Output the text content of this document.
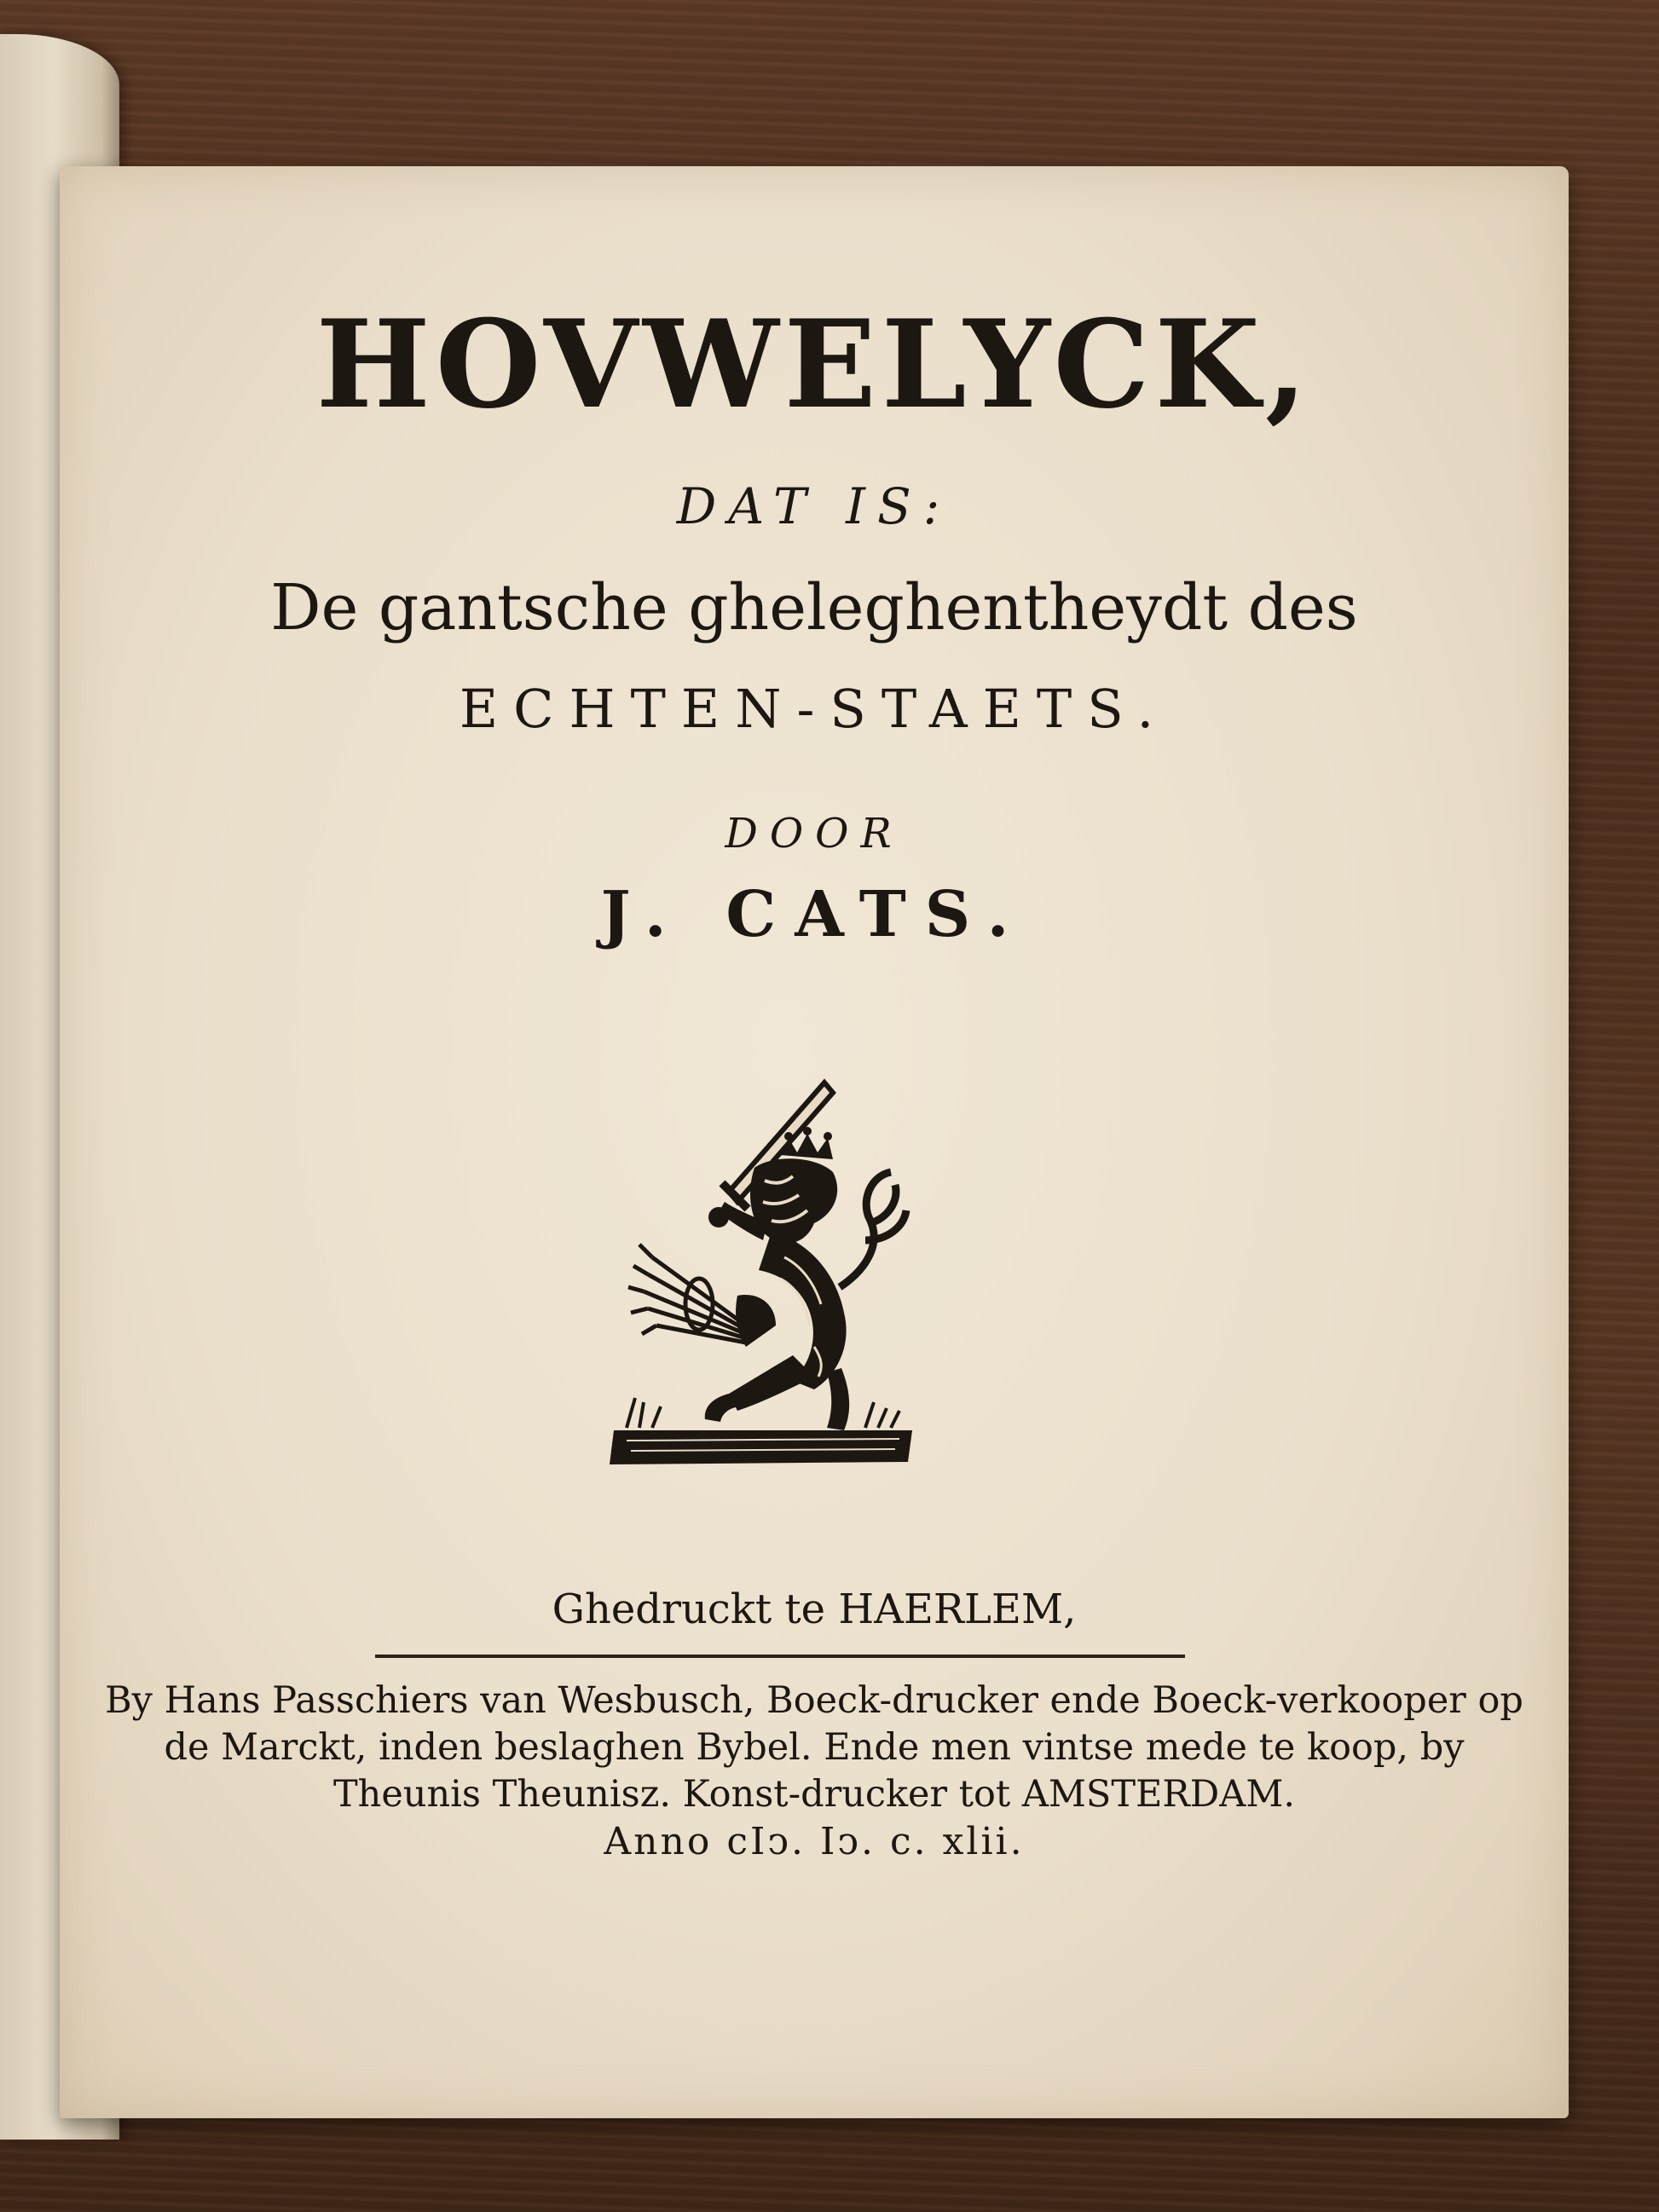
HOVWELYCK,
DAT IS:
De gantsche gheleghentheydt des
ECHTEN-STAETS.
DOOR
J. CATS.
Ghedruckt te HAERLEM,
By Hans Passchiers van Wesbusch, Boeck-drucker ende Boeck-verkooper op
de Marckt, inden beslaghen Bybel. Ende men vintse mede te koop, by
Theunis Theunisz. Konst-drucker tot AMSTERDAM.
Anno cIↄ. Iↄ. c. xlii.
